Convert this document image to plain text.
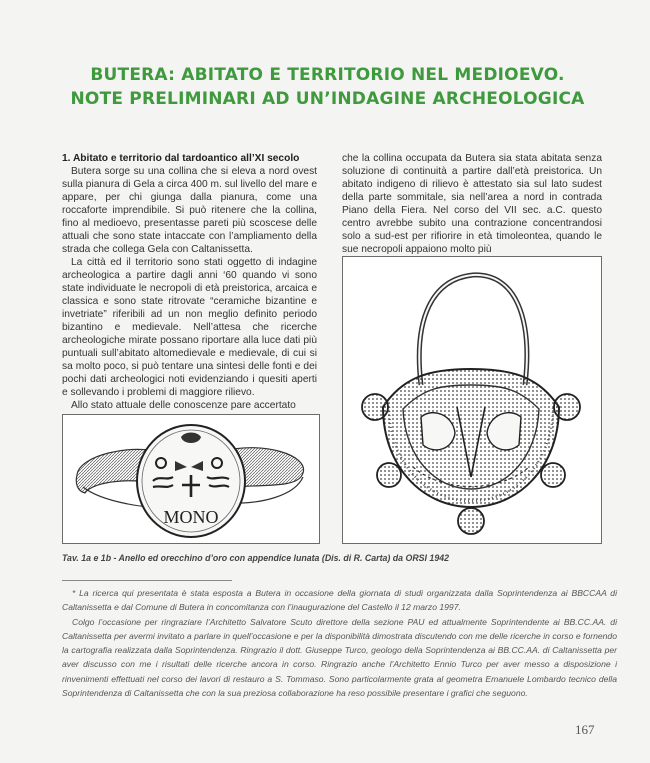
BUTERA: ABITATO E TERRITORIO NEL MEDIOEVO.
NOTE PRELIMINARI AD UN’INDAGINE ARCHEOLOGICA

1. Abitato e territorio dal tardoantico all’XI secolo

Butera sorge su una collina che si eleva a nord ovest sulla pianura di Gela a circa 400 m. sul livello del mare e appare, per chi giunga dalla pianura, come una roccaforte imprendibile. Si può ritenere che la collina, fino al medioevo, presentasse pareti più scoscese delle attuali che sono state intaccate con l’ampliamento della strada che collega Gela con Caltanissetta.

La città ed il territorio sono stati oggetto di indagine archeologica a partire dagli anni ‘60 quando vi sono state individuate le necropoli di età preistorica, arcaica e classica e sono state ritrovate “ceramiche bizantine e invetriate” riferibili ad un non meglio definito periodo bizantino e medievale. Nell’attesa che ricerche archeologiche mirate possano riportare alla luce dati più puntuali sull’abitato altomedievale e medievale, di cui si sa molto poco, si può tentare una sintesi delle fonti e dei pochi dati archeologici noti evidenziando i quesiti aperti e sollevando i problemi di maggiore rilievo.

Allo stato attuale delle conoscenze pare accertato

che la collina occupata da Butera sia stata abitata senza soluzione di continuità a partire dall’età preistorica. Un abitato indigeno di rilievo è attestato sia sul lato sudest della parte sommitale, sia nell’area a nord in contrada Piano della Fiera. Nel corso del VII sec. a.C. questo centro avrebbe subito una contrazione concentrandosi solo a sud-est per rifiorire in età timoleontea, quando le sue necropoli appaiono molto più

MONO
Tav. 1a e 1b - Anello ed orecchino d’oro con appendice lunata (Dis. di R. Carta) da ORSI 1942

* La ricerca qui presentata è stata esposta a Butera in occasione della giornata di studi organizzata dalla Soprintendenza ai BBCCAA di Caltanissetta e dal Comune di Butera in concomitanza con l’inaugurazione del Castello il 12 marzo 1997.

Colgo l’occasione per ringraziare l’Architetto Salvatore Scuto direttore della sezione PAU ed attualmente Soprintendente ai BB.CC.AA. di Caltanissetta per avermi invitato a parlare in quell’occasione e per la disponibilità dimostrata discutendo con me delle ricerche in corso e fornendo la cartografia realizzata dalla Soprintendenza. Ringrazio il dott. Giuseppe Turco, geologo della Soprintendenza ai BB.CC.AA. di Caltanissetta per aver discusso con me i risultati delle ricerche ancora in corso. Ringrazio anche l’Architetto Ennio Turco per aver messo a disposizione i rinvenimenti effettuati nel corso dei lavori di restauro a S. Tommaso. Sono particolarmente grata al geometra Emanuele Lombardo tecnico della Soprintendenza di Caltanissetta che con la sua preziosa collaborazione ha reso possibile presentare i grafici che seguono.

167
